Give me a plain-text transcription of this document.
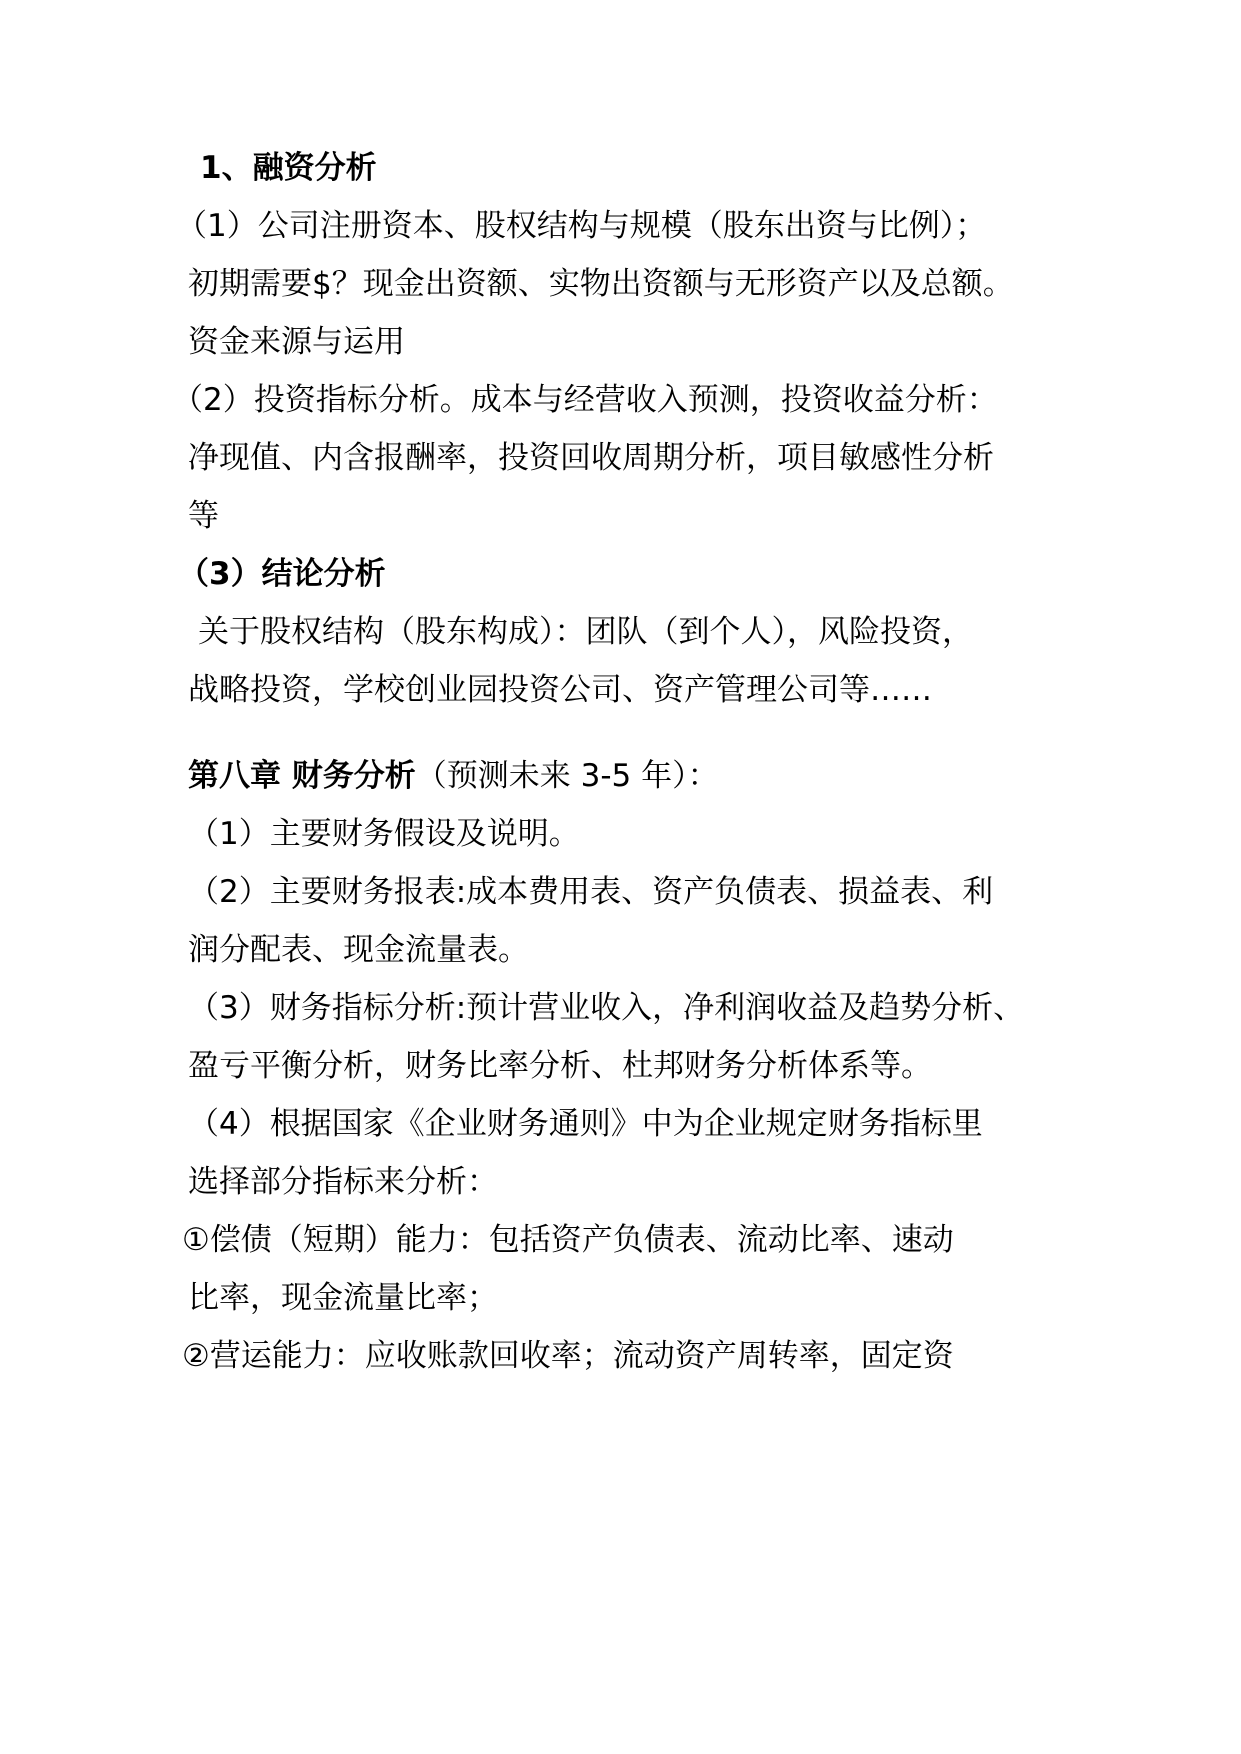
1、融资分析
（1）公司注册资本、股权结构与规模（股东出资与比例）；
初期需要$？现金出资额、实物出资额与无形资产以及总额。
资金来源与运用
（2）投资指标分析。成本与经营收入预测，投资收益分析：
净现值、内含报酬率，投资回收周期分析，项目敏感性分析
等
（3）结论分析
关于股权结构（股东构成）：团队（到个人），风险投资，
战略投资，学校创业园投资公司、资产管理公司等……
第八章 财务分析（预测未来 3-5 年）：
（1）主要财务假设及说明。
（2）主要财务报表:成本费用表、资产负债表、损益表、利
润分配表、现金流量表。
（3）财务指标分析:预计营业收入，净利润收益及趋势分析、
盈亏平衡分析，财务比率分析、杜邦财务分析体系等。
（4）根据国家《企业财务通则》中为企业规定财务指标里
选择部分指标来分析：
①偿债（短期）能力：包括资产负债表、流动比率、速动
比率，现金流量比率；
②营运能力：应收账款回收率；流动资产周转率，固定资
